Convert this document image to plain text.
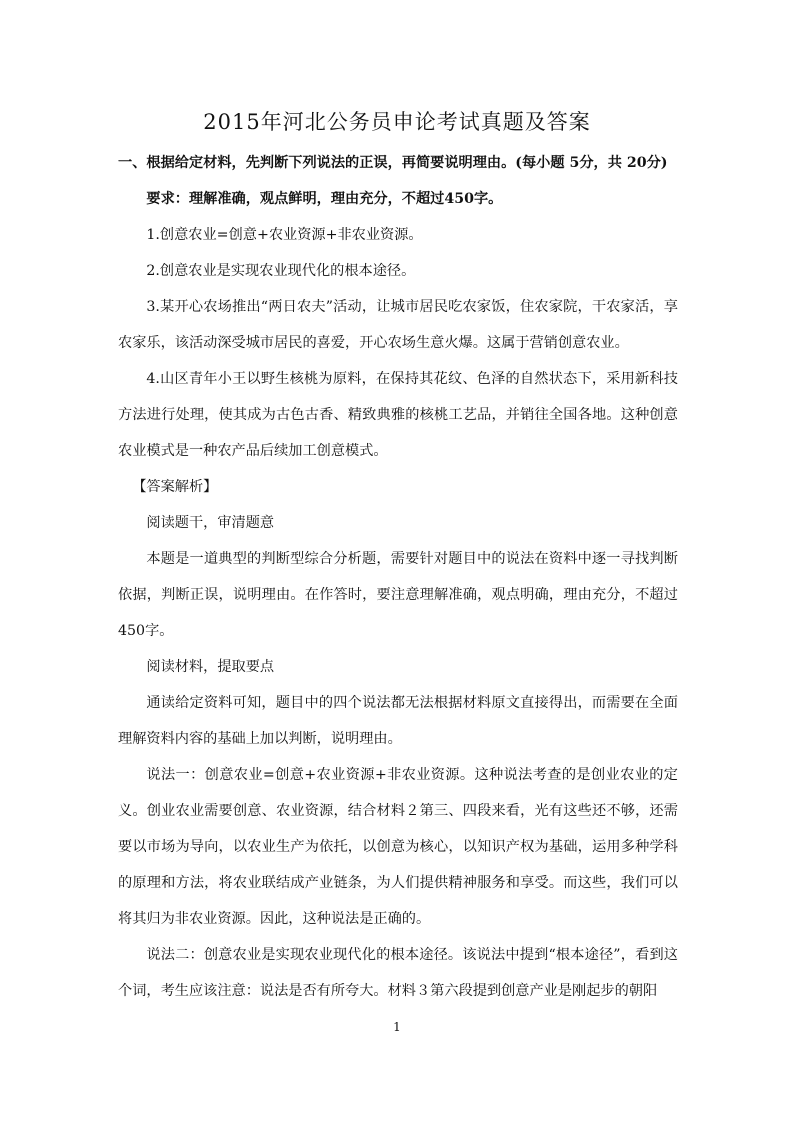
2015年河北公务员申论考试真题及答案

一、根据给定材料，先判断下列说法的正误，再简要说明理由。(每小题 5分，共 20分)

要求：理解准确，观点鲜明，理由充分，不超过450字。

1.创意农业=创意+农业资源+非农业资源。

2.创意农业是实现农业现代化的根本途径。

3.某开心农场推出“两日农夫”活动，让城市居民吃农家饭，住农家院，干农家活，享农家乐，该活动深受城市居民的喜爱，开心农场生意火爆。这属于营销创意农业。

4.山区青年小王以野生核桃为原料，在保持其花纹、色泽的自然状态下，采用新科技方法进行处理，使其成为古色古香、精致典雅的核桃工艺品，并销往全国各地。这种创意农业模式是一种农产品后续加工创意模式。

【答案解析】

阅读题干，审清题意

本题是一道典型的判断型综合分析题，需要针对题目中的说法在资料中逐一寻找判断依据，判断正误，说明理由。在作答时，要注意理解准确，观点明确，理由充分，不超过450字。

阅读材料，提取要点

通读给定资料可知，题目中的四个说法都无法根据材料原文直接得出，而需要在全面理解资料内容的基础上加以判断，说明理由。

说法一：创意农业=创意+农业资源+非农业资源。这种说法考查的是创业农业的定义。创业农业需要创意、农业资源，结合材料２第三、四段来看，光有这些还不够，还需要以市场为导向，以农业生产为依托，以创意为核心，以知识产权为基础，运用多种学科的原理和方法，将农业联结成产业链条，为人们提供精神服务和享受。而这些，我们可以将其归为非农业资源。因此，这种说法是正确的。

说法二：创意农业是实现农业现代化的根本途径。该说法中提到“根本途径”，看到这个词，考生应该注意：说法是否有所夸大。材料３第六段提到创意产业是刚起步的朝阳

1
